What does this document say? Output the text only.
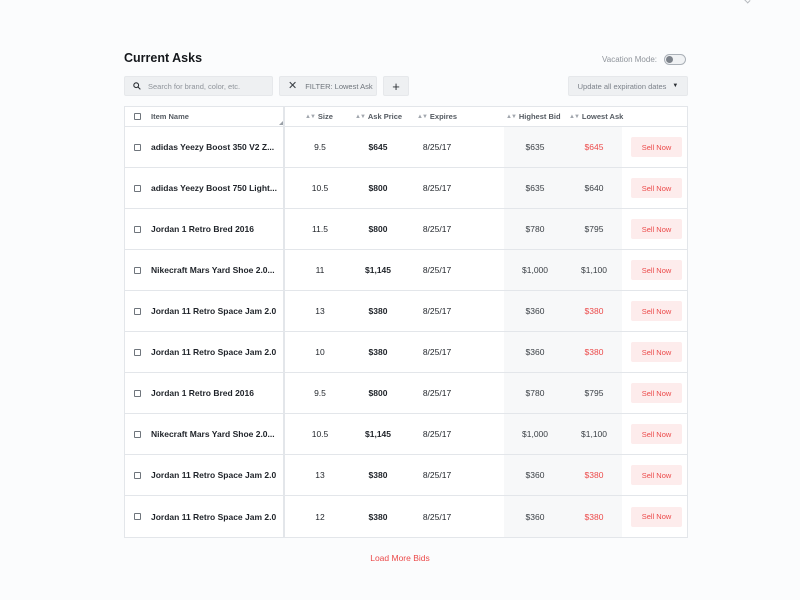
Current Asks	Vacation Mode:
Search for brand, color, etc.
✕ FILTER: Lowest Ask	+	Update all expiration dates ▼
Item Name	▲▼ Size	▲▼ Ask Price ▲▼ Expires	▲▼ Highest Bid ▲▼ Lowest Ask
adidas Yeezy Boost 350 V2 Z...	9.5	$645	8/25/17	$635	$645	Sell Now
adidas Yeezy Boost 750 Light...	10.5	$800	8/25/17	$635	$640	Sell Now
Jordan 1 Retro Bred 2016	11.5	$800	8/25/17	$780	$795	Sell Now
Nikecraft Mars Yard Shoe 2.0...	11	$1,145	8/25/17	$1,000	$1,100	Sell Now
Jordan 11 Retro Space Jam 2.0	13	$380	8/25/17	$360	$380	Sell Now
Jordan 11 Retro Space Jam 2.0	10	$380	8/25/17	$360	$380	Sell Now
Jordan 1 Retro Bred 2016	9.5	$800	8/25/17	$780	$795	Sell Now
Nikecraft Mars Yard Shoe 2.0...	10.5	$1,145	8/25/17	$1,000	$1,100	Sell Now
Jordan 11 Retro Space Jam 2.0	13	$380	8/25/17	$360	$380	Sell Now
Jordan 11 Retro Space Jam 2.0	12	$380	8/25/17	$360	$380	Sell Now
Load More Bids
